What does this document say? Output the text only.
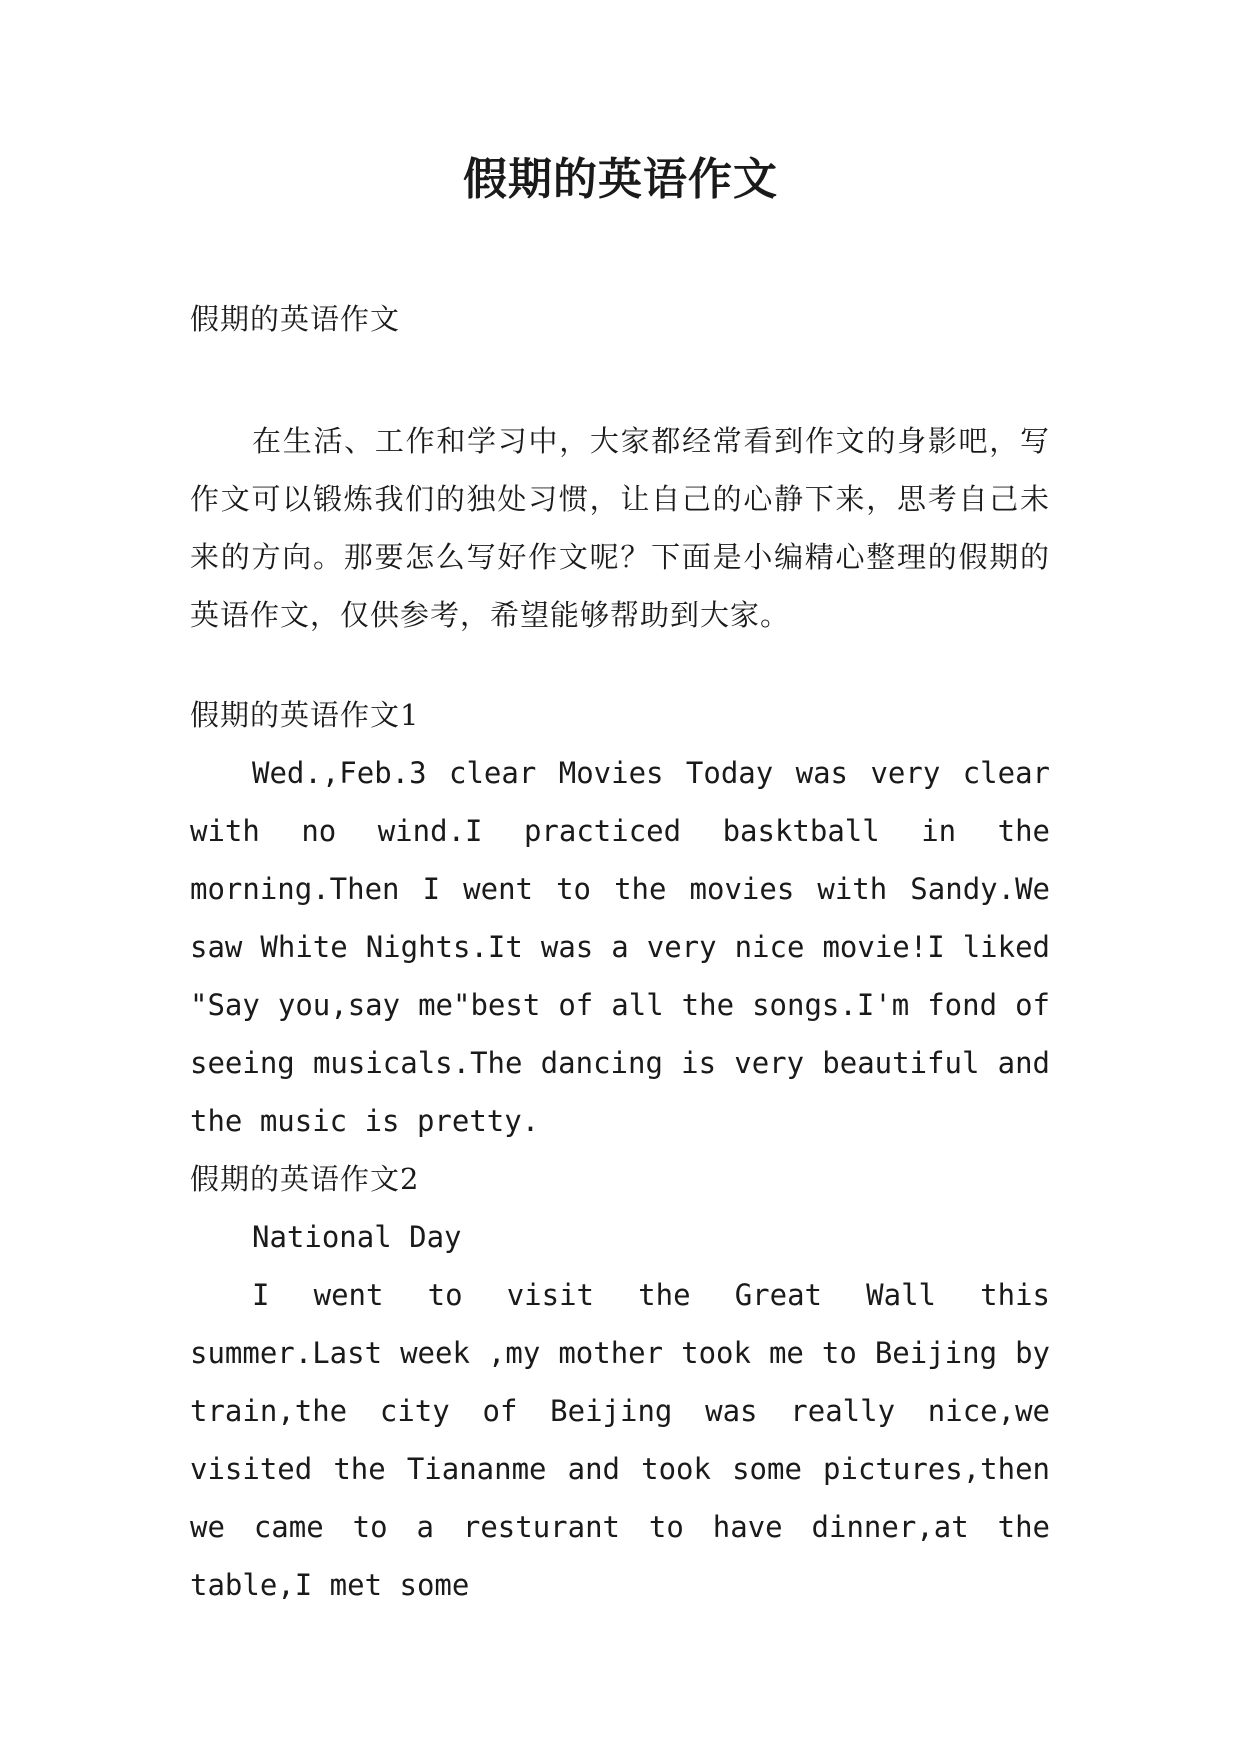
假期的英语作文

假期的英语作文

在生活、工作和学习中，大家都经常看到作文的身影吧，写作文可以锻炼我们的独处习惯，让自己的心静下来，思考自己未来的方向。那要怎么写好作文呢？下面是小编精心整理的假期的英语作文，仅供参考，希望能够帮助到大家。

假期的英语作文1

Wed.,Feb.3 clear Movies Today was very clear with no wind.I practiced basktball in the morning.Then I went to the movies with Sandy.We saw White Nights.It was a very nice movie!I liked "Say you,say me"best of all the songs.I'm fond of seeing musicals.The dancing is very beautiful and the music is pretty.

假期的英语作文2

National Day

I went to visit the Great Wall this summer.Last week ,my mother took me to Beijing by train,the city of Beijing was really nice,we visited the Tiananme and took some pictures,then we came to a resturant to have dinner,at the table,I met some
